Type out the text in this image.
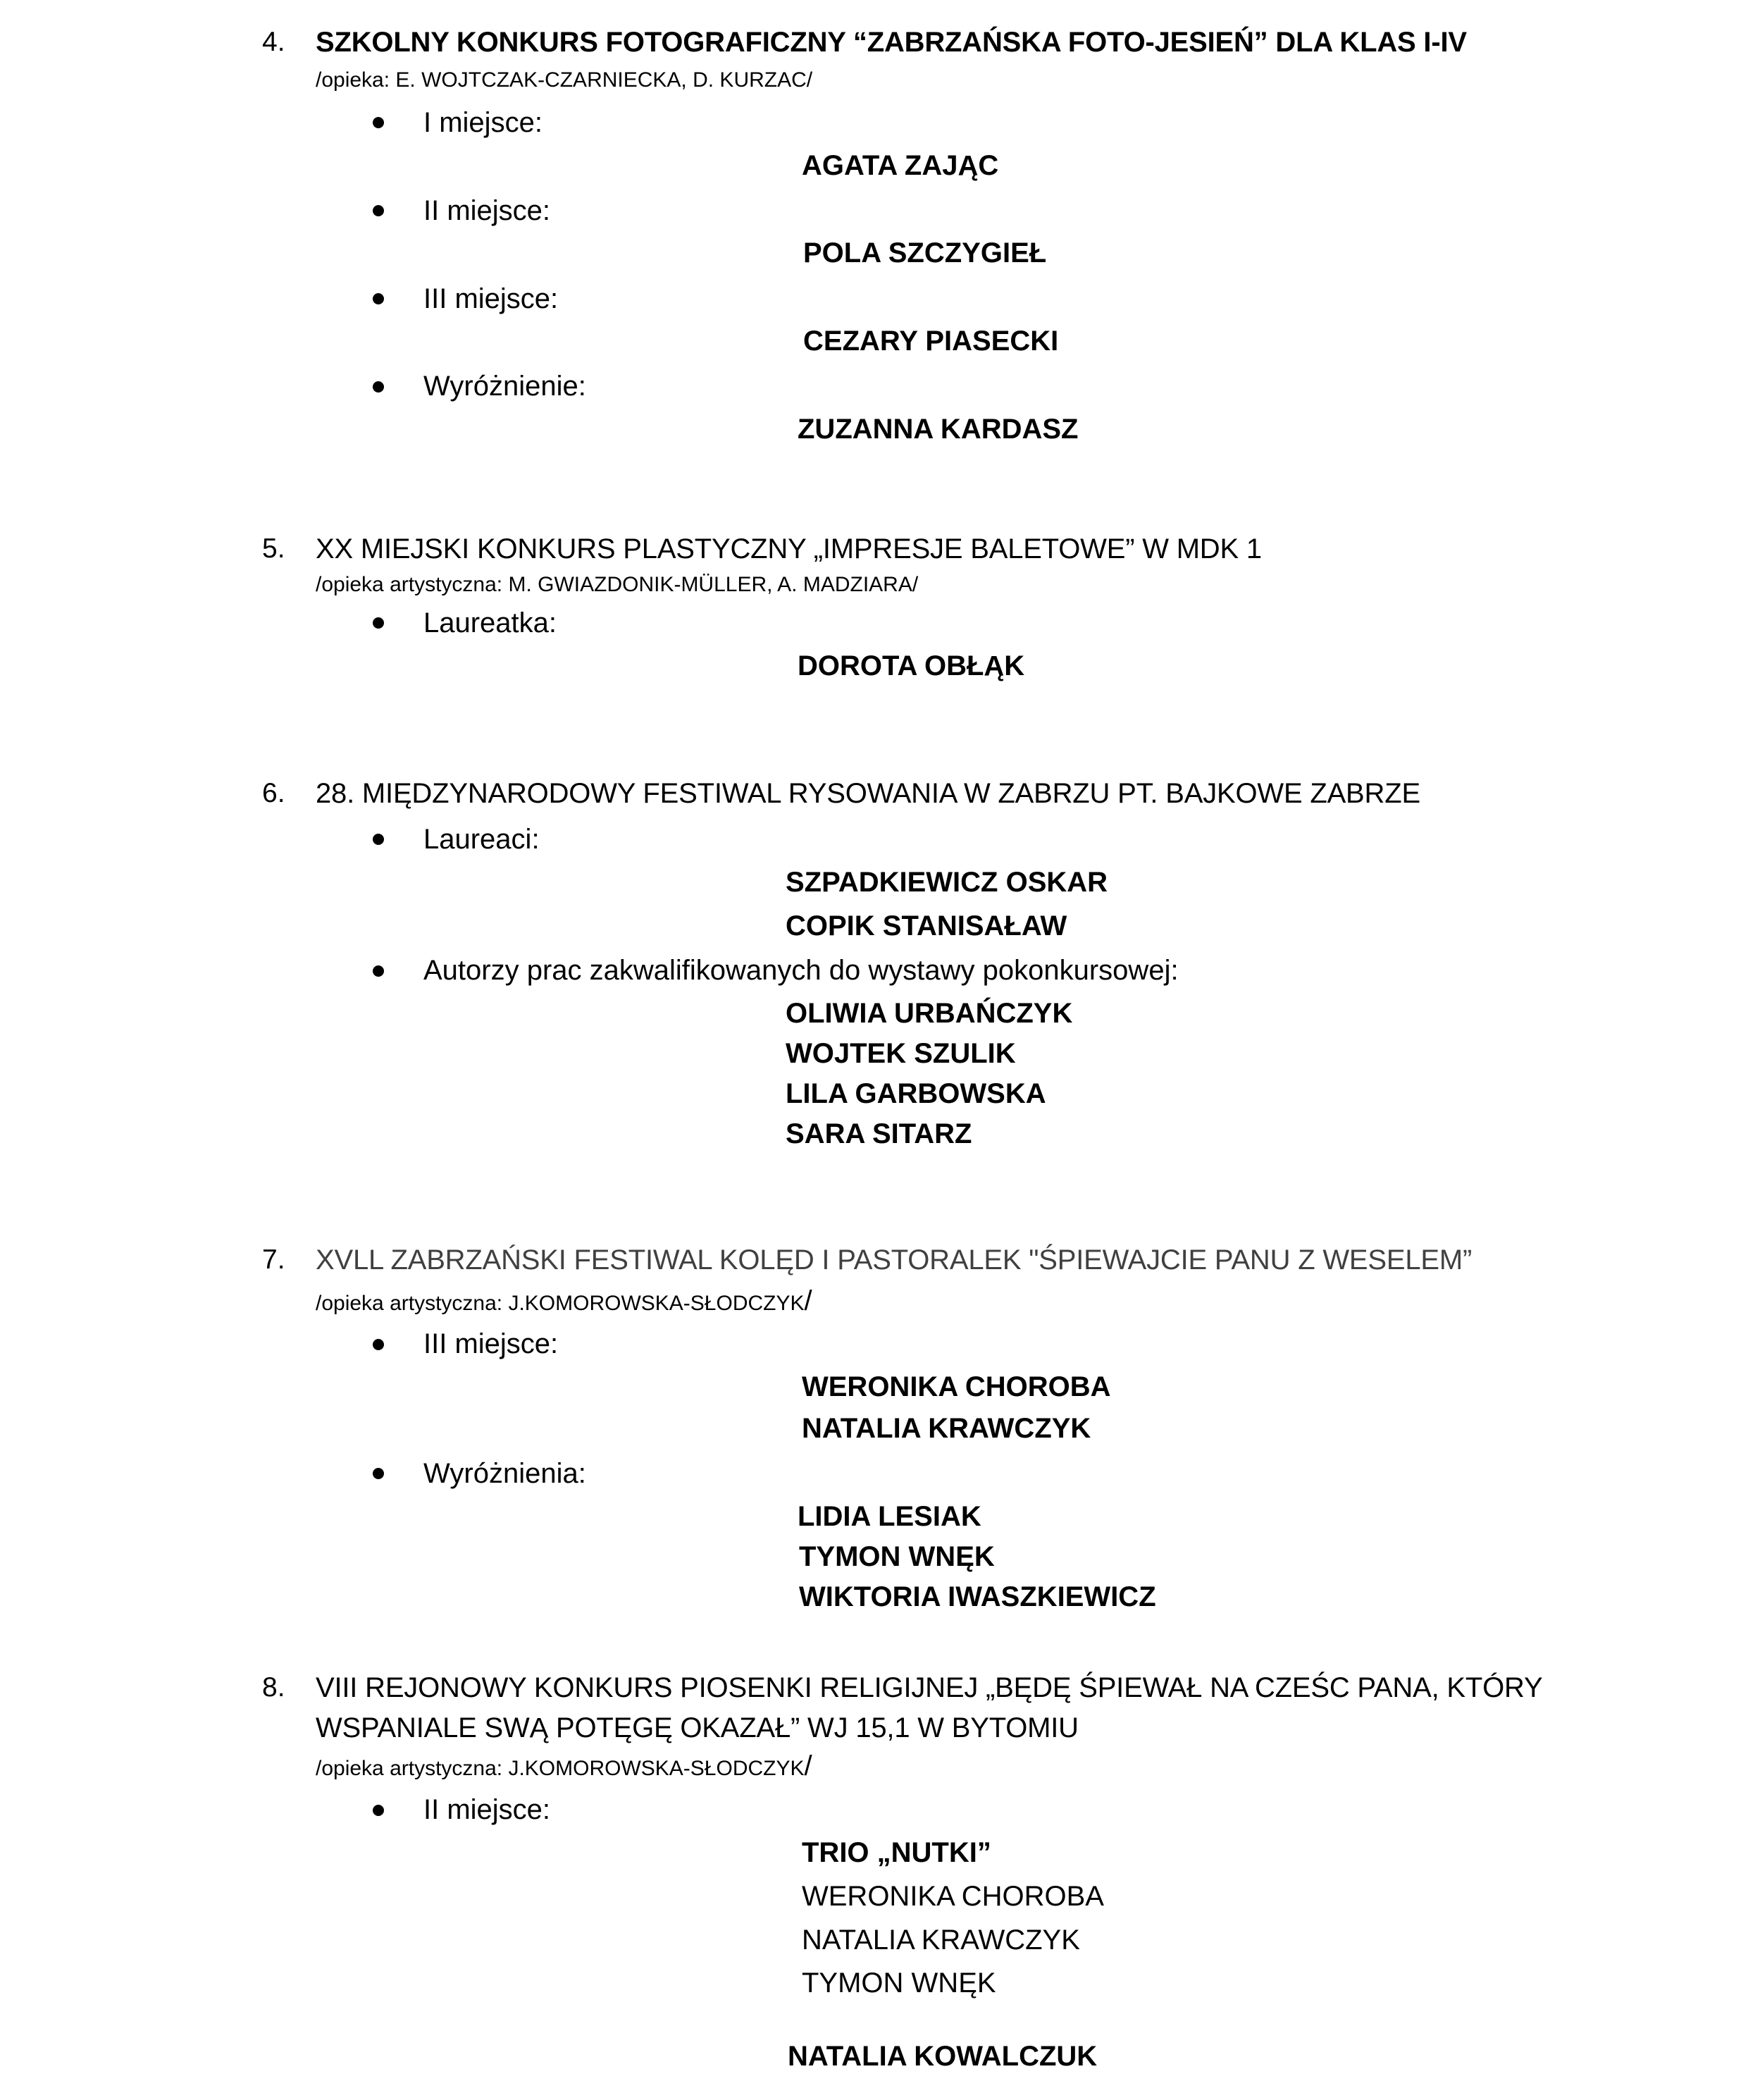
4. SZKOLNY KONKURS FOTOGRAFICZNY “ZABRZAŃSKA FOTO-JESIEŃ” DLA KLAS I-IV
/opieka: E. WOJTCZAK-CZARNIECKA, D. KURZAC/
I miejsce:
AGATA ZAJĄC
II miejsce:
POLA SZCZYGIEŁ
III miejsce:
CEZARY PIASECKI
Wyróżnienie:
ZUZANNA KARDASZ
5. XX MIEJSKI KONKURS PLASTYCZNY „IMPRESJE BALETOWE” W MDK 1
/opieka artystyczna: M. GWIAZDONIK-MÜLLER, A. MADZIARA/
Laureatka:
DOROTA OBŁĄK
6. 28. MIĘDZYNARODOWY FESTIWAL RYSOWANIA W ZABRZU PT. BAJKOWE ZABRZE
Laureaci:
SZPADKIEWICZ OSKAR
COPIK STANISAŁAW
Autorzy prac zakwalifikowanych do wystawy pokonkursowej:
OLIWIA URBAŃCZYK
WOJTEK SZULIK
LILA GARBOWSKA
SARA SITARZ
7. XVLL ZABRZAŃSKI FESTIWAL KOLĘD I PASTORALEK "ŚPIEWAJCIE PANU Z WESELEM”
/opieka artystyczna: J.KOMOROWSKA-SŁODCZYK/
III miejsce:
WERONIKA CHOROBA
NATALIA KRAWCZYK
Wyróżnienia:
LIDIA LESIAK
TYMON WNĘK
WIKTORIA IWASZKIEWICZ
8. VIII REJONOWY KONKURS PIOSENKI RELIGIJNEJ „BĘDĘ ŚPIEWAŁ NA CZEŚC PANA, KTÓRY
WSPANIALE SWĄ POTĘGĘ OKAZAŁ” WJ 15,1 W BYTOMIU
/opieka artystyczna: J.KOMOROWSKA-SŁODCZYK/
II miejsce:
TRIO „NUTKI”
WERONIKA CHOROBA
NATALIA KRAWCZYK
TYMON WNĘK
NATALIA KOWALCZUK
